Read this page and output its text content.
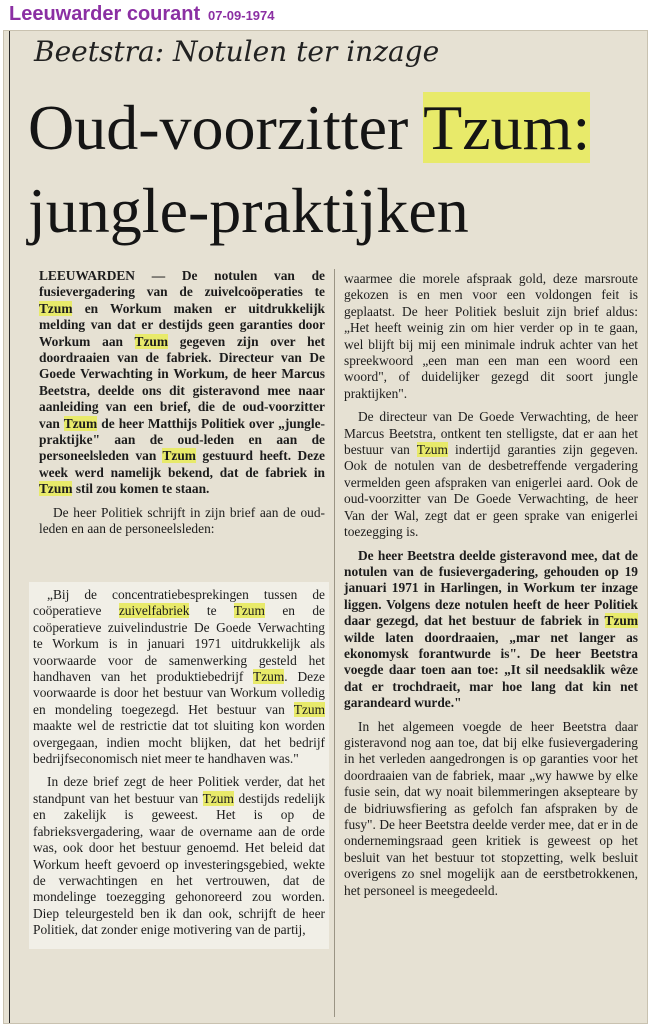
Leeuwarder courant 07-09-1974
Beetstra: Notulen ter inzage
Oud-voorzitter Tzum:
jungle-praktijken

LEEUWARDEN — De notulen van de fusievergadering van de zuivelcoöperaties te Tzum en Workum maken er uitdrukkelijk melding van dat er destijds geen garanties door Workum aan Tzum gegeven zijn over het doordraaien van de fabriek. Directeur van De Goede Verwachting in Workum, de heer Marcus Beetstra, deelde ons dit gisteravond mee naar aanleiding van een brief, die de oud-voorzitter van Tzum de heer Matthijs Politiek over „jungle-praktijke" aan de oud-leden en aan de personeelsleden van Tzum gestuurd heeft. Deze week werd namelijk bekend, dat de fabriek in Tzum stil zou komen te staan.

De heer Politiek schrijft in zijn brief aan de oud-leden en aan de personeelsleden:

„Bij de concentratiebesprekingen tussen de coöperatieve zuivelfabriek te Tzum en de coöperatieve zuivelindustrie De Goede Verwachting te Workum is in januari 1971 uitdrukkelijk als voorwaarde voor de samenwerking gesteld het handhaven van het produktiebedrijf Tzum. Deze voorwaarde is door het bestuur van Workum volledig en mondeling toegezegd. Het bestuur van Tzum maakte wel de restrictie dat tot sluiting kon worden overgegaan, indien mocht blijken, dat het bedrijf bedrijfseconomisch niet meer te handhaven was."

In deze brief zegt de heer Politiek verder, dat het standpunt van het bestuur van Tzum destijds redelijk en zakelijk is geweest. Het is op de fabrieksvergadering, waar de overname aan de orde was, ook door het bestuur genoemd. Het beleid dat Workum heeft gevoerd op investeringsgebied, wekte de verwachtingen en het vertrouwen, dat de mondelinge toezegging gehonoreerd zou worden. Diep teleurgesteld ben ik dan ook, schrijft de heer Politiek, dat zonder enige motivering van de partij,

waarmee die morele afspraak gold, deze marsroute gekozen is en men voor een voldongen feit is geplaatst. De heer Politiek besluit zijn brief aldus: „Het heeft weinig zin om hier verder op in te gaan, wel blijft bij mij een minimale indruk achter van het spreekwoord „een man een man een woord een woord", of duidelijker gezegd dit soort jungle praktijken".

De directeur van De Goede Verwachting, de heer Marcus Beetstra, ontkent ten stelligste, dat er aan het bestuur van Tzum indertijd garanties zijn gegeven. Ook de notulen van de desbetreffende vergadering vermelden geen afspraken van enigerlei aard. Ook de oud-voorzitter van De Goede Verwachting, de heer Van der Wal, zegt dat er geen sprake van enigerlei toezegging is.

De heer Beetstra deelde gisteravond mee, dat de notulen van de fusievergadering, gehouden op 19 januari 1971 in Harlingen, in Workum ter inzage liggen. Volgens deze notulen heeft de heer Politiek daar gezegd, dat het bestuur de fabriek in Tzum wilde laten doordraaien, „mar net langer as ekonomysk forantwurde is". De heer Beetstra voegde daar toen aan toe: „It sil needsaklik wêze dat er trochdraeit, mar hoe lang dat kin net garandeard wurde."

In het algemeen voegde de heer Beetstra daar gisteravond nog aan toe, dat bij elke fusievergadering in het verleden aangedrongen is op garanties voor het doordraaien van de fabriek, maar „wy hawwe by elke fusie sein, dat wy noait bilemmeringen aksepteare by de bidriuwsfiering as gefolch fan afspraken by de fusy". De heer Beetstra deelde verder mee, dat er in de ondernemingsraad geen kritiek is geweest op het besluit van het bestuur tot stopzetting, welk besluit overigens zo snel mogelijk aan de eerstbetrokkenen, het personeel is meegedeeld.
